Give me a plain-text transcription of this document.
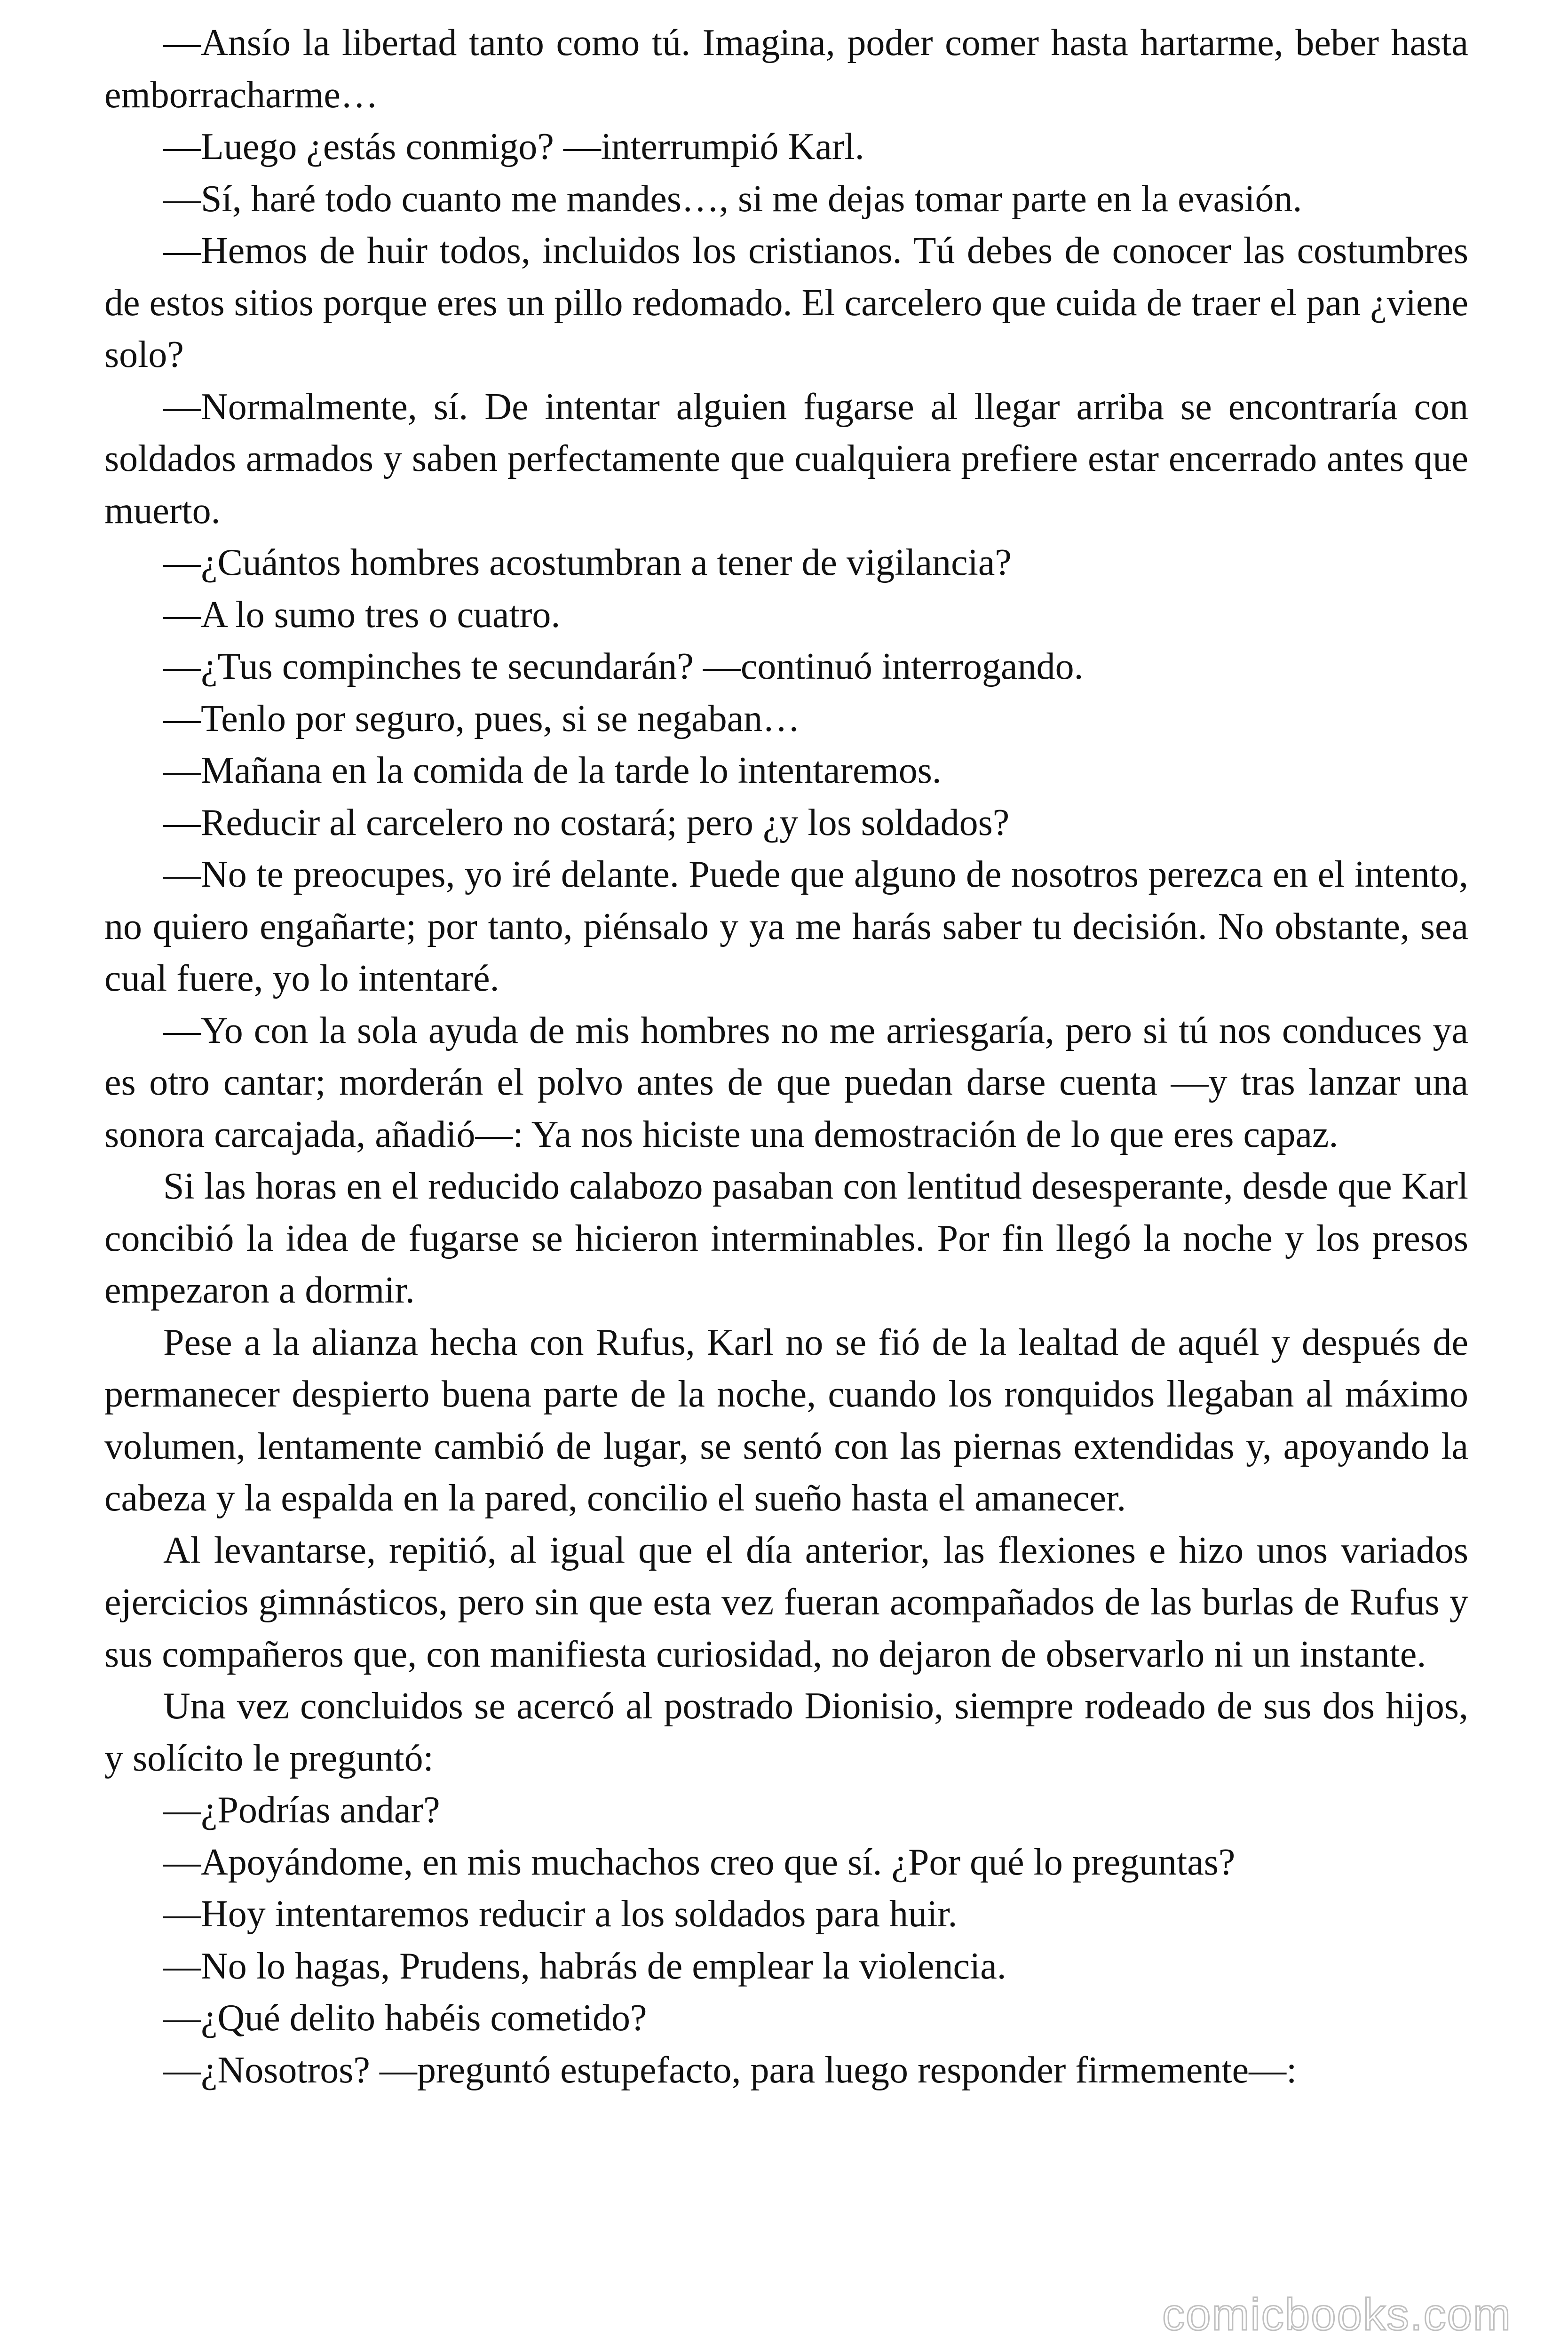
—Ansío la libertad tanto como tú. Imagina, poder comer hasta hartarme, beber hasta emborracharme…

—Luego ¿estás conmigo? —interrumpió Karl.

—Sí, haré todo cuanto me mandes…, si me dejas tomar parte en la evasión.

—Hemos de huir todos, incluidos los cristianos. Tú debes de conocer las costumbres de estos sitios porque eres un pillo redomado. El carcelero que cuida de traer el pan ¿viene solo?

—Normalmente, sí. De intentar alguien fugarse al llegar arriba se encontraría con soldados armados y saben perfectamente que cualquiera prefiere estar encerrado antes que muerto.

—¿Cuántos hombres acostumbran a tener de vigilancia?

—A lo sumo tres o cuatro.

—¿Tus compinches te secundarán? —continuó interrogando.

—Tenlo por seguro, pues, si se negaban…

—Mañana en la comida de la tarde lo intentaremos.

—Reducir al carcelero no costará; pero ¿y los soldados?

—No te preocupes, yo iré delante. Puede que alguno de nosotros perezca en el intento, no quiero engañarte; por tanto, piénsalo y ya me harás saber tu decisión. No obstante, sea cual fuere, yo lo intentaré.

—Yo con la sola ayuda de mis hombres no me arriesgaría, pero si tú nos conduces ya es otro cantar; morderán el polvo antes de que puedan darse cuenta —y tras lanzar una sonora carcajada, añadió—: Ya nos hiciste una demostración de lo que eres capaz.

Si las horas en el reducido calabozo pasaban con lentitud desesperante, desde que Karl concibió la idea de fugarse se hicieron interminables. Por fin llegó la noche y los presos empezaron a dormir.

Pese a la alianza hecha con Rufus, Karl no se fió de la lealtad de aquél y después de permanecer despierto buena parte de la noche, cuando los ronquidos llegaban al máximo volumen, lentamente cambió de lugar, se sentó con las piernas extendidas y, apoyando la cabeza y la espalda en la pared, concilio el sueño hasta el amanecer.

Al levantarse, repitió, al igual que el día anterior, las flexiones e hizo unos variados ejercicios gimnásticos, pero sin que esta vez fueran acompañados de las burlas de Rufus y sus compañeros que, con manifiesta curiosidad, no dejaron de observarlo ni un instante.

Una vez concluidos se acercó al postrado Dionisio, siempre rodeado de sus dos hijos, y solícito le preguntó:

—¿Podrías andar?

—Apoyándome, en mis muchachos creo que sí. ¿Por qué lo preguntas?

—Hoy intentaremos reducir a los soldados para huir.

—No lo hagas, Prudens, habrás de emplear la violencia.

—¿Qué delito habéis cometido?

—¿Nosotros? —preguntó estupefacto, para luego responder firmemente—:

comicbooks.com
